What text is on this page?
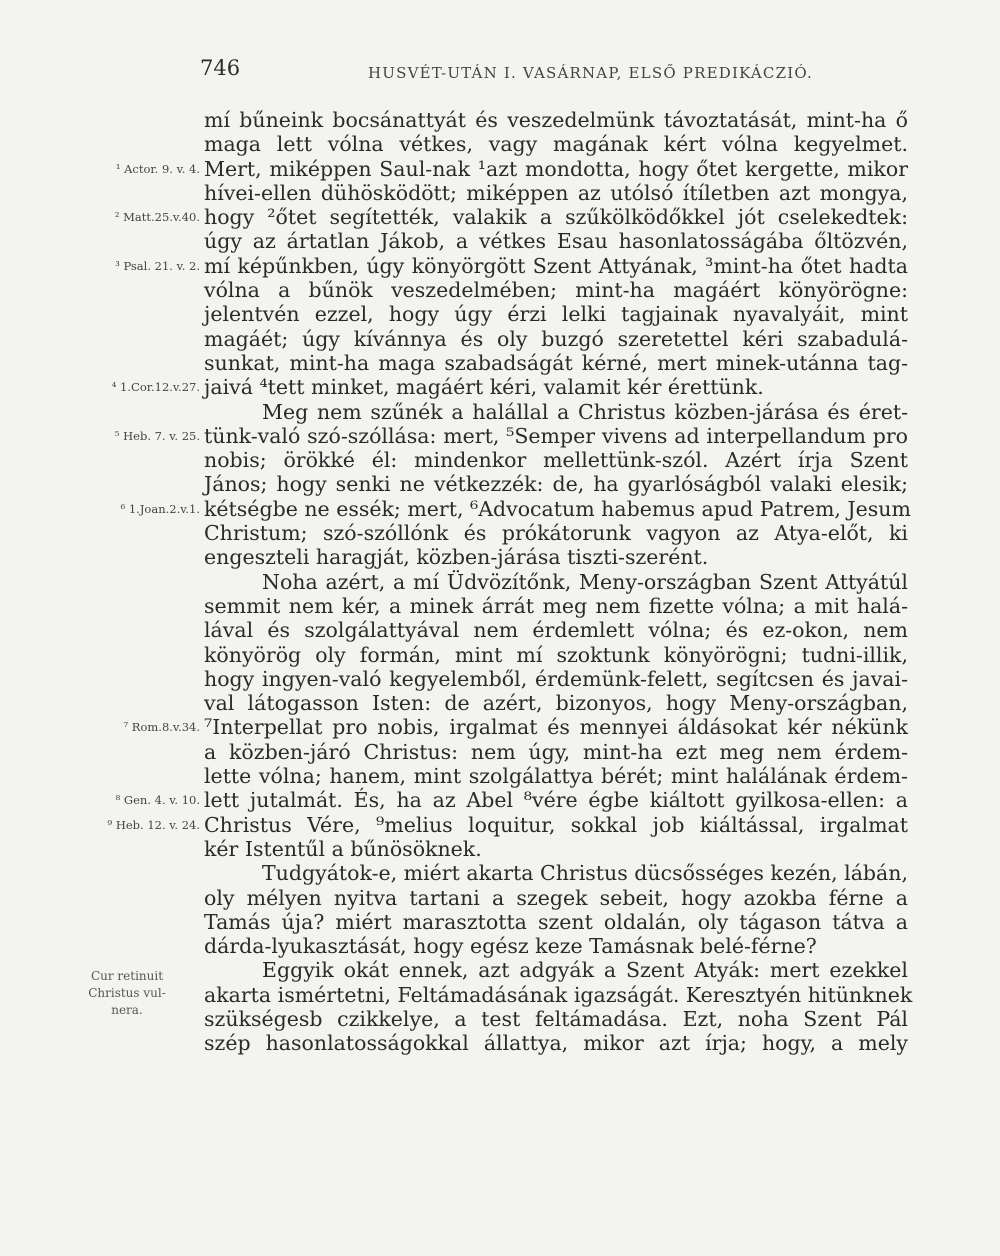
746	HUSVÉT-UTÁN I. VASÁRNAP, ELSŐ PREDIKÁCZIÓ.
mí bűneink bocsánattyát és veszedelmünk távoztatását, mint-ha ő
maga lett vólna vétkes, vagy magának kért vólna kegyelmet.
¹ Actor. 9. v. 4. Mert, miképpen Saul-nak ¹azt mondotta, hogy őtet kergette, mikor
hívei-ellen dühösködött; miképpen az utólsó ítíletben azt mongya,
² Matt.25.v.40. hogy ²őtet segítették, valakik a szűkölködőkkel jót cselekedtek:
úgy az ártatlan Jákob, a vétkes Esau hasonlatosságába őltözvén,
³ Psal. 21. v. 2. mí képűnkben, úgy könyörgött Szent Attyának, ³mint-ha őtet hadta
vólna a bűnök veszedelmében; mint-ha magáért könyörögne:
jelentvén ezzel, hogy úgy érzi lelki tagjainak nyavalyáit, mint
magáét; úgy kívánnya és oly buzgó szeretettel kéri szabadulá-
sunkat, mint-ha maga szabadságát kérné, mert minek-utánna tag-
⁴ 1.Cor.12.v.27. jaivá ⁴tett minket, magáért kéri, valamit kér érettünk.
Meg nem szűnék a halállal a Christus közben-járása és éret-
⁵ Heb. 7. v. 25. tünk-való szó-szóllása: mert, ⁵Semper vivens ad interpellandum pro
nobis; örökké él: mindenkor mellettünk-szól. Azért írja Szent
János; hogy senki ne vétkezzék: de, ha gyarlóságból valaki elesik;
⁶ 1.Joan.2.v.1. kétségbe ne essék; mert, ⁶Advocatum habemus apud Patrem, Jesum
Christum; szó-szóllónk és prókátorunk vagyon az Atya-előt, ki
engeszteli haragját, közben-járása tiszti-szerént.
Noha azért, a mí Üdvözítőnk, Meny-országban Szent Attyátúl
semmit nem kér, a minek árrát meg nem fizette vólna; a mit halá-
lával és szolgálattyával nem érdemlett vólna; és ez-okon, nem
könyörög oly formán, mint mí szoktunk könyörögni; tudni-illik,
hogy ingyen-való kegyelemből, érdemünk-felett, segítcsen és javai-
val látogasson Isten: de azért, bizonyos, hogy Meny-országban,
⁷ Rom.8.v.34. ⁷Interpellat pro nobis, irgalmat és mennyei áldásokat kér nékünk
a közben-járó Christus: nem úgy, mint-ha ezt meg nem érdem-
lette vólna; hanem, mint szolgálattya bérét; mint halálának érdem-
⁸ Gen. 4. v. 10. lett jutalmát. És, ha az Abel ⁸vére égbe kiáltott gyilkosa-ellen: a
⁹ Heb. 12. v. 24. Christus Vére, ⁹melius loquitur, sokkal job kiáltással, irgalmat
kér Istentűl a bűnösöknek.
Tudgyátok-e, miért akarta Christus dücsősséges kezén, lábán,
oly mélyen nyitva tartani a szegek sebeit, hogy azokba férne a
Tamás úja? miért marasztotta szent oldalán, oly tágason tátva a
dárda-lyukasztását, hogy egész keze Tamásnak belé-férne?
Eggyik okát ennek, azt adgyák a Szent Atyák: mert ezekkel
akarta ismértetni, Feltámadásának igazságát. Keresztyén hitünknek
szükségesb czikkelye, a test feltámadása. Ezt, noha Szent Pál
szép hasonlatosságokkal állattya, mikor azt írja; hogy, a mely
Cur retinuit
Christus vul-
nera.
